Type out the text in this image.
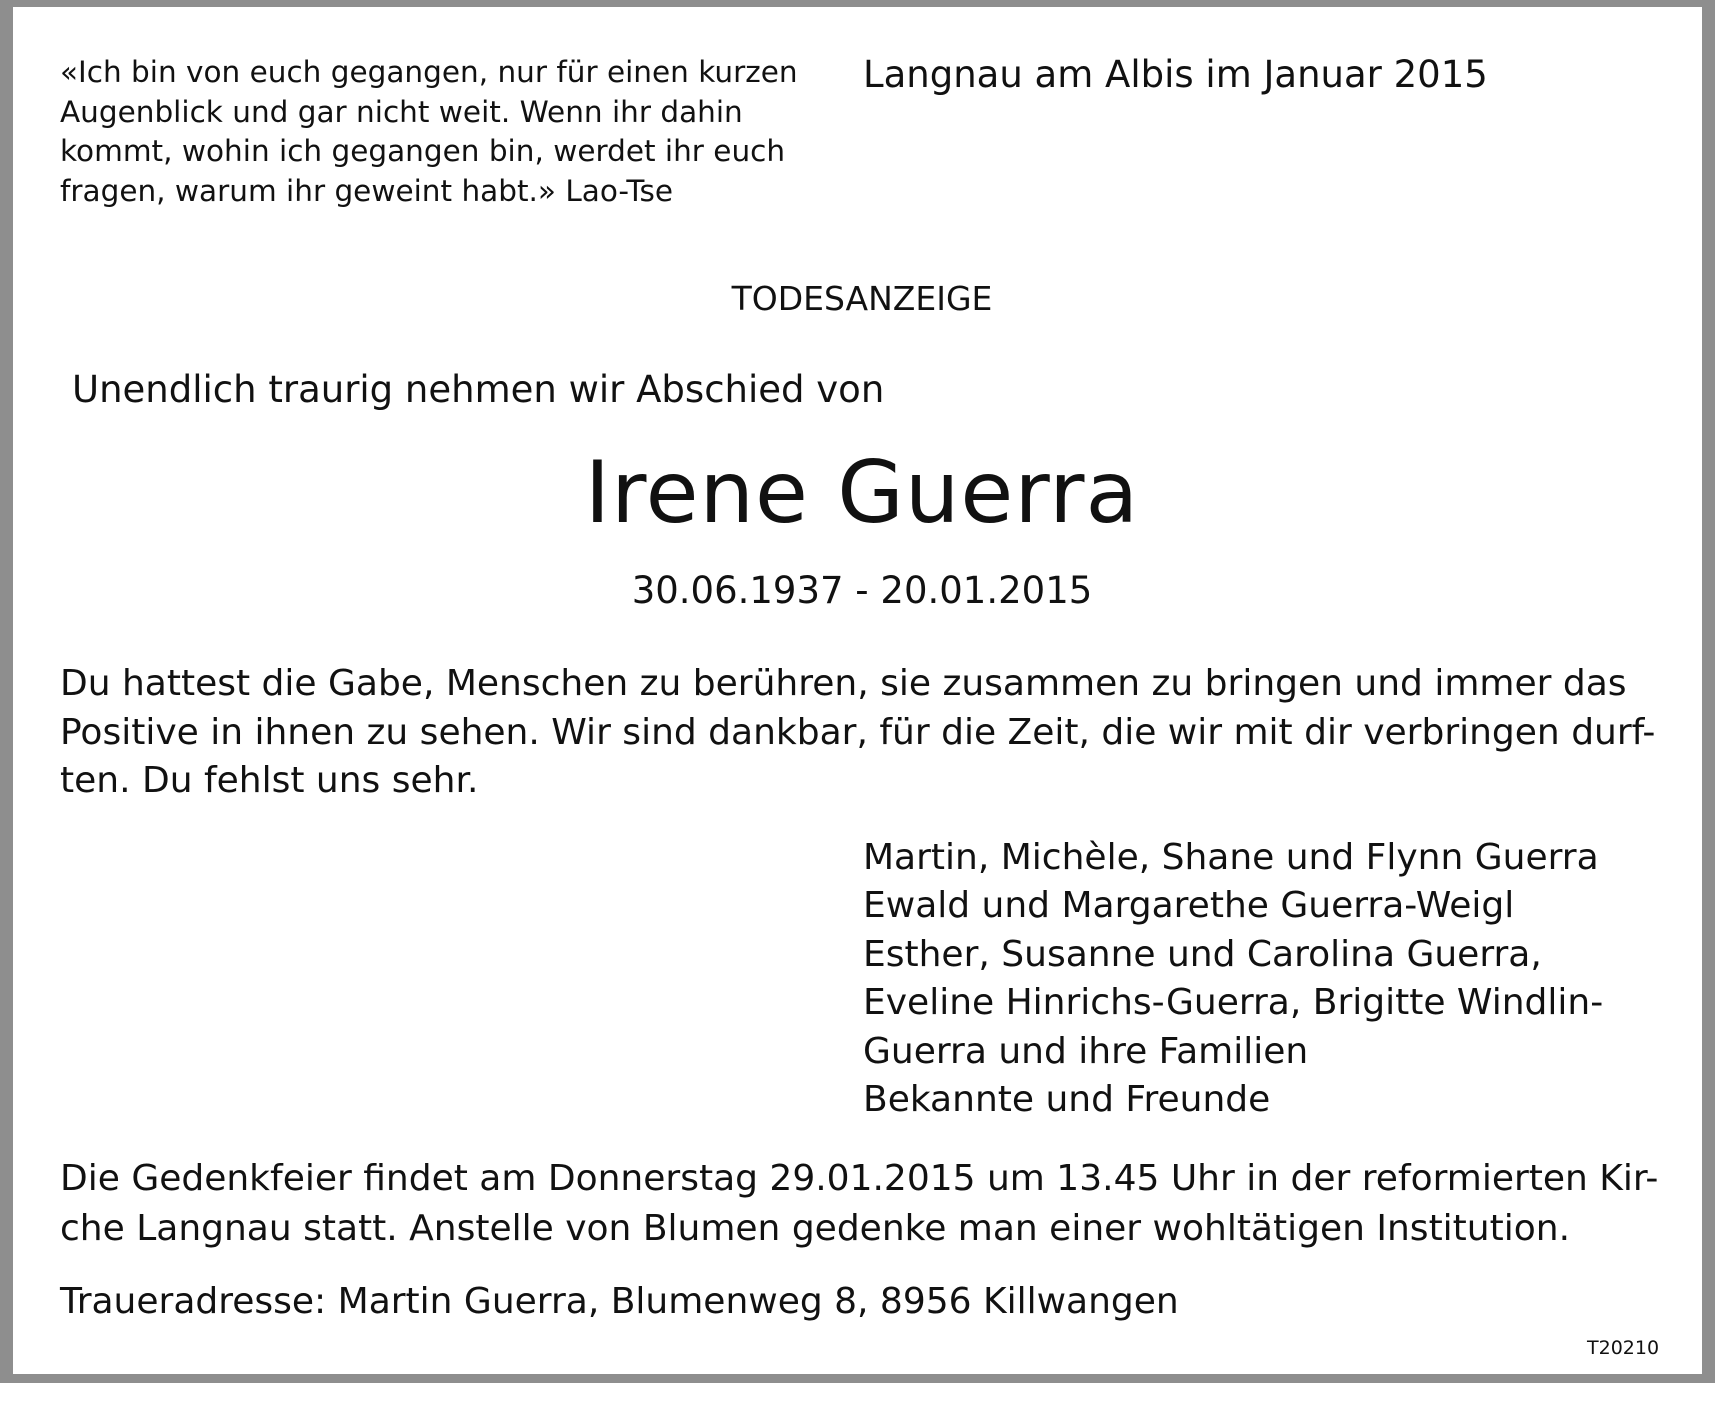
«Ich bin von euch gegangen, nur für einen kurzen
Augenblick und gar nicht weit. Wenn ihr dahin
kommt, wohin ich gegangen bin, werdet ihr euch
fragen, warum ihr geweint habt.» Lao-Tse
Langnau am Albis im Januar 2015
TODESANZEIGE
Unendlich traurig nehmen wir Abschied von
Irene Guerra
30.06.1937 - 20.01.2015
Du hattest die Gabe, Menschen zu berühren, sie zusammen zu bringen und immer das
Positive in ihnen zu sehen. Wir sind dankbar, für die Zeit, die wir mit dir verbringen durf-
ten. Du fehlst uns sehr.
Martin, Michèle, Shane und Flynn Guerra
Ewald und Margarethe Guerra-Weigl
Esther, Susanne und Carolina Guerra,
Eveline Hinrichs-Guerra, Brigitte Windlin-
Guerra und ihre Familien
Bekannte und Freunde
Die Gedenkfeier findet am Donnerstag 29.01.2015 um 13.45 Uhr in der reformierten Kir-
che Langnau statt. Anstelle von Blumen gedenke man einer wohltätigen Institution.
Traueradresse: Martin Guerra, Blumenweg 8, 8956 Killwangen
T20210
